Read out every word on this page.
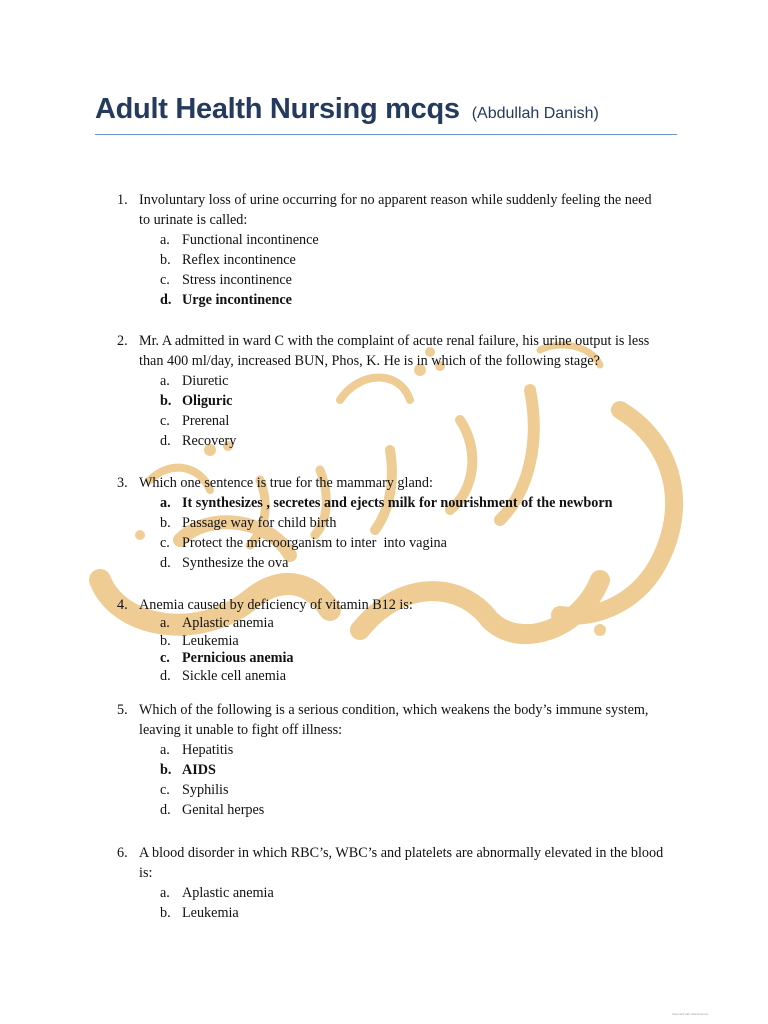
Adult Health Nursing mcqs (Abdullah Danish)
1. Involuntary loss of urine occurring for no apparent reason while suddenly feeling the need to urinate is called:
a. Functional incontinence
b. Reflex incontinence
c. Stress incontinence
d. Urge incontinence
2. Mr. A admitted in ward C with the complaint of acute renal failure, his urine output is less than 400 ml/day, increased BUN, Phos, K. He is in which of the following stage?
a. Diuretic
b. Oliguric
c. Prerenal
d. Recovery
3. Which one sentence is true for the mammary gland:
a. It synthesizes , secretes and ejects milk for nourishment of the newborn
b. Passage way for child birth
c. Protect the microorganism to inter  into vagina
d. Synthesize the ova
4. Anemia caused by deficiency of vitamin B12 is:
a. Aplastic anemia
b. Leukemia
c. Pernicious anemia
d. Sickle cell anemia
5. Which of the following is a serious condition, which weakens the body’s immune system, leaving it unable to fight off illness:
a. Hepatitis
b. AIDS
c. Syphilis
d. Genital herpes
6. A blood disorder in which RBC’s, WBC’s and platelets are abnormally elevated in the blood is:
a. Aplastic anemia
b. Leukemia
Scanned with CamScanner
